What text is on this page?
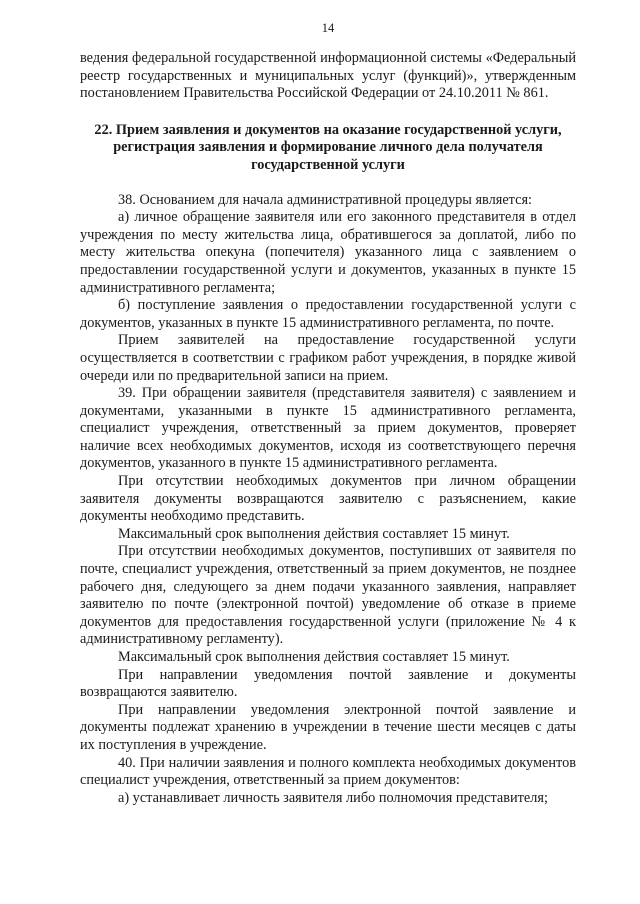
14

ведения федеральной государственной информационной системы «Федеральный реестр государственных и муниципальных услуг (функций)», утвержденным постановлением Правительства Российской Федерации от 24.10.2011 № 861.

22. Прием заявления и документов на оказание государственной услуги, регистрация заявления и формирование личного дела получателя государственной услуги

38. Основанием для начала административной процедуры является:

а) личное обращение заявителя или его законного представителя в отдел учреждения по месту жительства лица, обратившегося за доплатой, либо по месту жительства опекуна (попечителя) указанного лица с заявлением о предоставлении государственной услуги и документов, указанных в пункте 15 административного регламента;

б) поступление заявления о предоставлении государственной услуги с документов, указанных в пункте 15 административного регламента, по почте.

Прием заявителей на предоставление государственной услуги осуществляется в соответствии с графиком работ учреждения, в порядке живой очереди или по предварительной записи на прием.

39. При обращении заявителя (представителя заявителя) с заявлением и документами, указанными в пункте 15 административного регламента, специалист учреждения, ответственный за прием документов, проверяет наличие всех необходимых документов, исходя из соответствующего перечня документов, указанного в пункте 15 административного регламента.

При отсутствии необходимых документов при личном обращении заявителя документы возвращаются заявителю с разъяснением, какие документы необходимо представить.

Максимальный срок выполнения действия составляет 15 минут.

При отсутствии необходимых документов, поступивших от заявителя по почте, специалист учреждения, ответственный за прием документов, не позднее рабочего дня, следующего за днем подачи указанного заявления, направляет заявителю по почте (электронной почтой) уведомление об отказе в приеме документов для предоставления государственной услуги (приложение № 4 к административному регламенту).

Максимальный срок выполнения действия составляет 15 минут.

При направлении уведомления почтой заявление и документы возвращаются заявителю.

При направлении уведомления электронной почтой заявление и документы подлежат хранению в учреждении в течение шести месяцев с даты их поступления в учреждение.

40. При наличии заявления и полного комплекта необходимых документов специалист учреждения, ответственный за прием документов:

а) устанавливает личность заявителя либо полномочия представителя;
